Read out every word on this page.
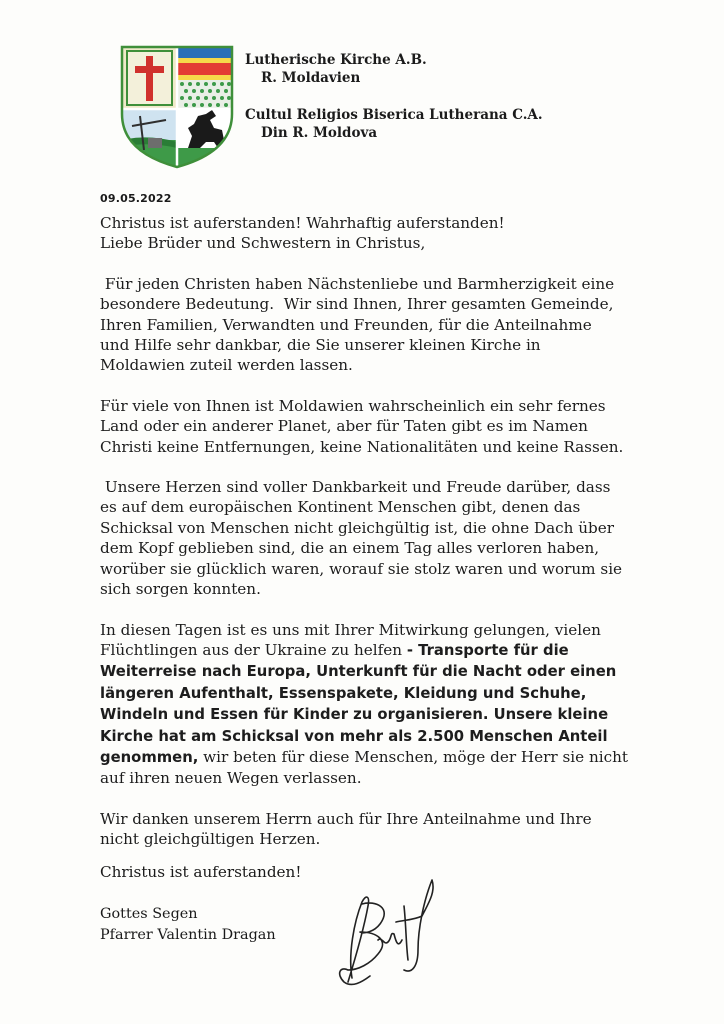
Lutherische Kirche A.B.
R. Moldavien
Cultul Religios Biserica Lutherana C.A.
Din R. Moldova
09.05.2022

Christus ist auferstanden! Wahrhaftig auferstanden!

Liebe Brüder und Schwestern in Christus,

Für jeden Christen haben Nächstenliebe und Barmherzigkeit eine

besondere Bedeutung.  Wir sind Ihnen, Ihrer gesamten Gemeinde,

Ihren Familien, Verwandten und Freunden, für die Anteilnahme

und Hilfe sehr dankbar, die Sie unserer kleinen Kirche in

Moldawien zuteil werden lassen.

Für viele von Ihnen ist Moldawien wahrscheinlich ein sehr fernes

Land oder ein anderer Planet, aber für Taten gibt es im Namen

Christi keine Entfernungen, keine Nationalitäten und keine Rassen.

Unsere Herzen sind voller Dankbarkeit und Freude darüber, dass

es auf dem europäischen Kontinent Menschen gibt, denen das

Schicksal von Menschen nicht gleichgültig ist, die ohne Dach über

dem Kopf geblieben sind, die an einem Tag alles verloren haben,

worüber sie glücklich waren, worauf sie stolz waren und worum sie

sich sorgen konnten.

In diesen Tagen ist es uns mit Ihrer Mitwirkung gelungen, vielen

Flüchtlingen aus der Ukraine zu helfen - Transporte für die

Weiterreise nach Europa, Unterkunft für die Nacht oder einen

längeren Aufenthalt, Essenspakete, Kleidung und Schuhe,

Windeln und Essen für Kinder zu organisieren. Unsere kleine

Kirche hat am Schicksal von mehr als 2.500 Menschen Anteil

genommen, wir beten für diese Menschen, möge der Herr sie nicht

auf ihren neuen Wegen verlassen.

Wir danken unserem Herrn auch für Ihre Anteilnahme und Ihre

nicht gleichgültigen Herzen.

Christus ist auferstanden!
Gottes Segen
Pfarrer Valentin Dragan
